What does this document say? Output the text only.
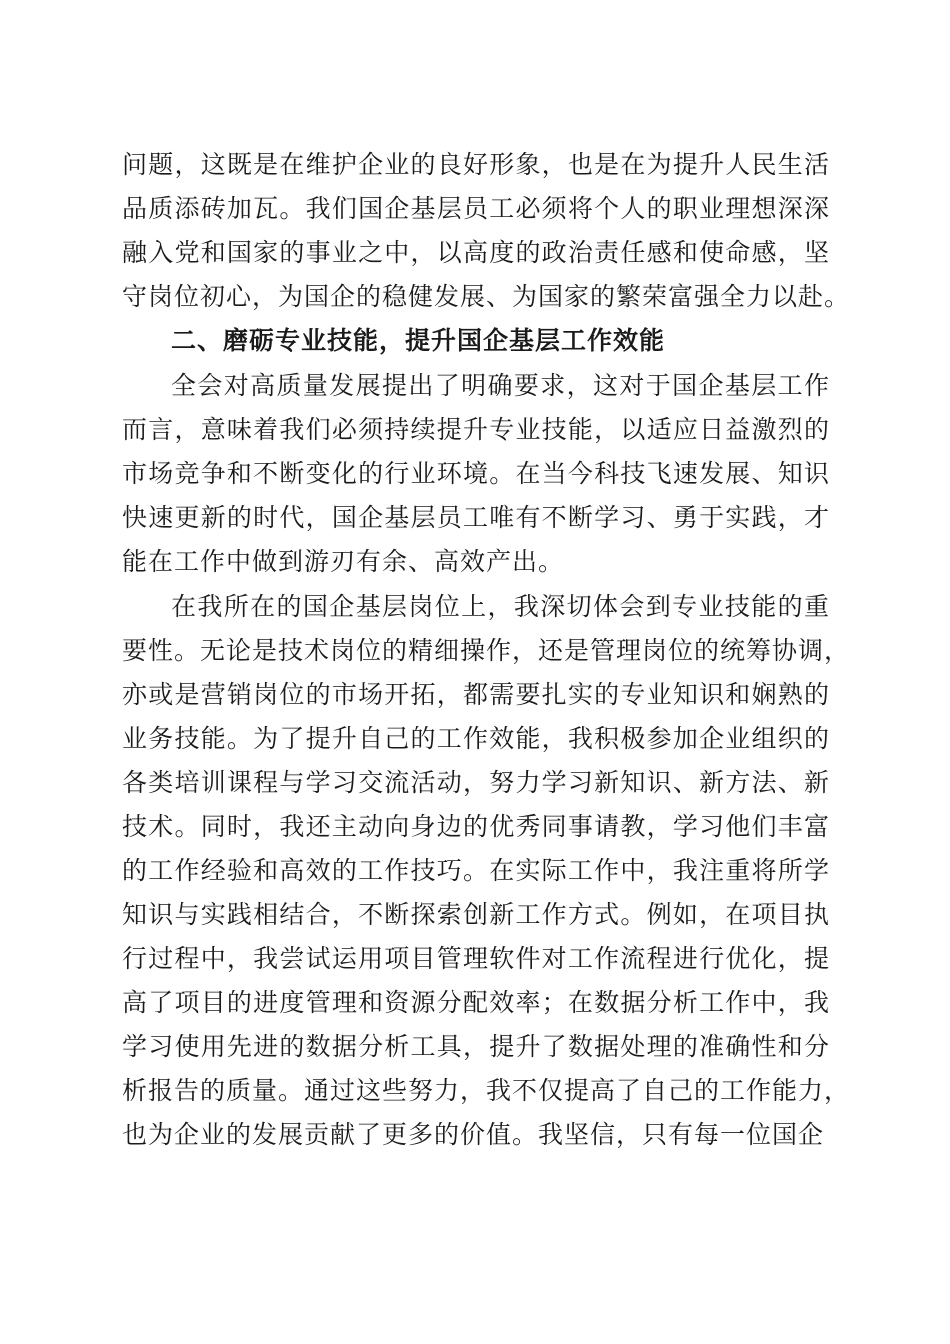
问题，这既是在维护企业的良好形象，也是在为提升人民生活
品质添砖加瓦。我们国企基层员工必须将个人的职业理想深深
融入党和国家的事业之中，以高度的政治责任感和使命感，坚
守岗位初心，为国企的稳健发展、为国家的繁荣富强全力以赴。
二、磨砺专业技能，提升国企基层工作效能
全会对高质量发展提出了明确要求，这对于国企基层工作
而言，意味着我们必须持续提升专业技能，以适应日益激烈的
市场竞争和不断变化的行业环境。在当今科技飞速发展、知识
快速更新的时代，国企基层员工唯有不断学习、勇于实践，才
能在工作中做到游刃有余、高效产出。
在我所在的国企基层岗位上，我深切体会到专业技能的重
要性。无论是技术岗位的精细操作，还是管理岗位的统筹协调，
亦或是营销岗位的市场开拓，都需要扎实的专业知识和娴熟的
业务技能。为了提升自己的工作效能，我积极参加企业组织的
各类培训课程与学习交流活动，努力学习新知识、新方法、新
技术。同时，我还主动向身边的优秀同事请教，学习他们丰富
的工作经验和高效的工作技巧。在实际工作中，我注重将所学
知识与实践相结合，不断探索创新工作方式。例如，在项目执
行过程中，我尝试运用项目管理软件对工作流程进行优化，提
高了项目的进度管理和资源分配效率；在数据分析工作中，我
学习使用先进的数据分析工具，提升了数据处理的准确性和分
析报告的质量。通过这些努力，我不仅提高了自己的工作能力，
也为企业的发展贡献了更多的价值。我坚信，只有每一位国企
